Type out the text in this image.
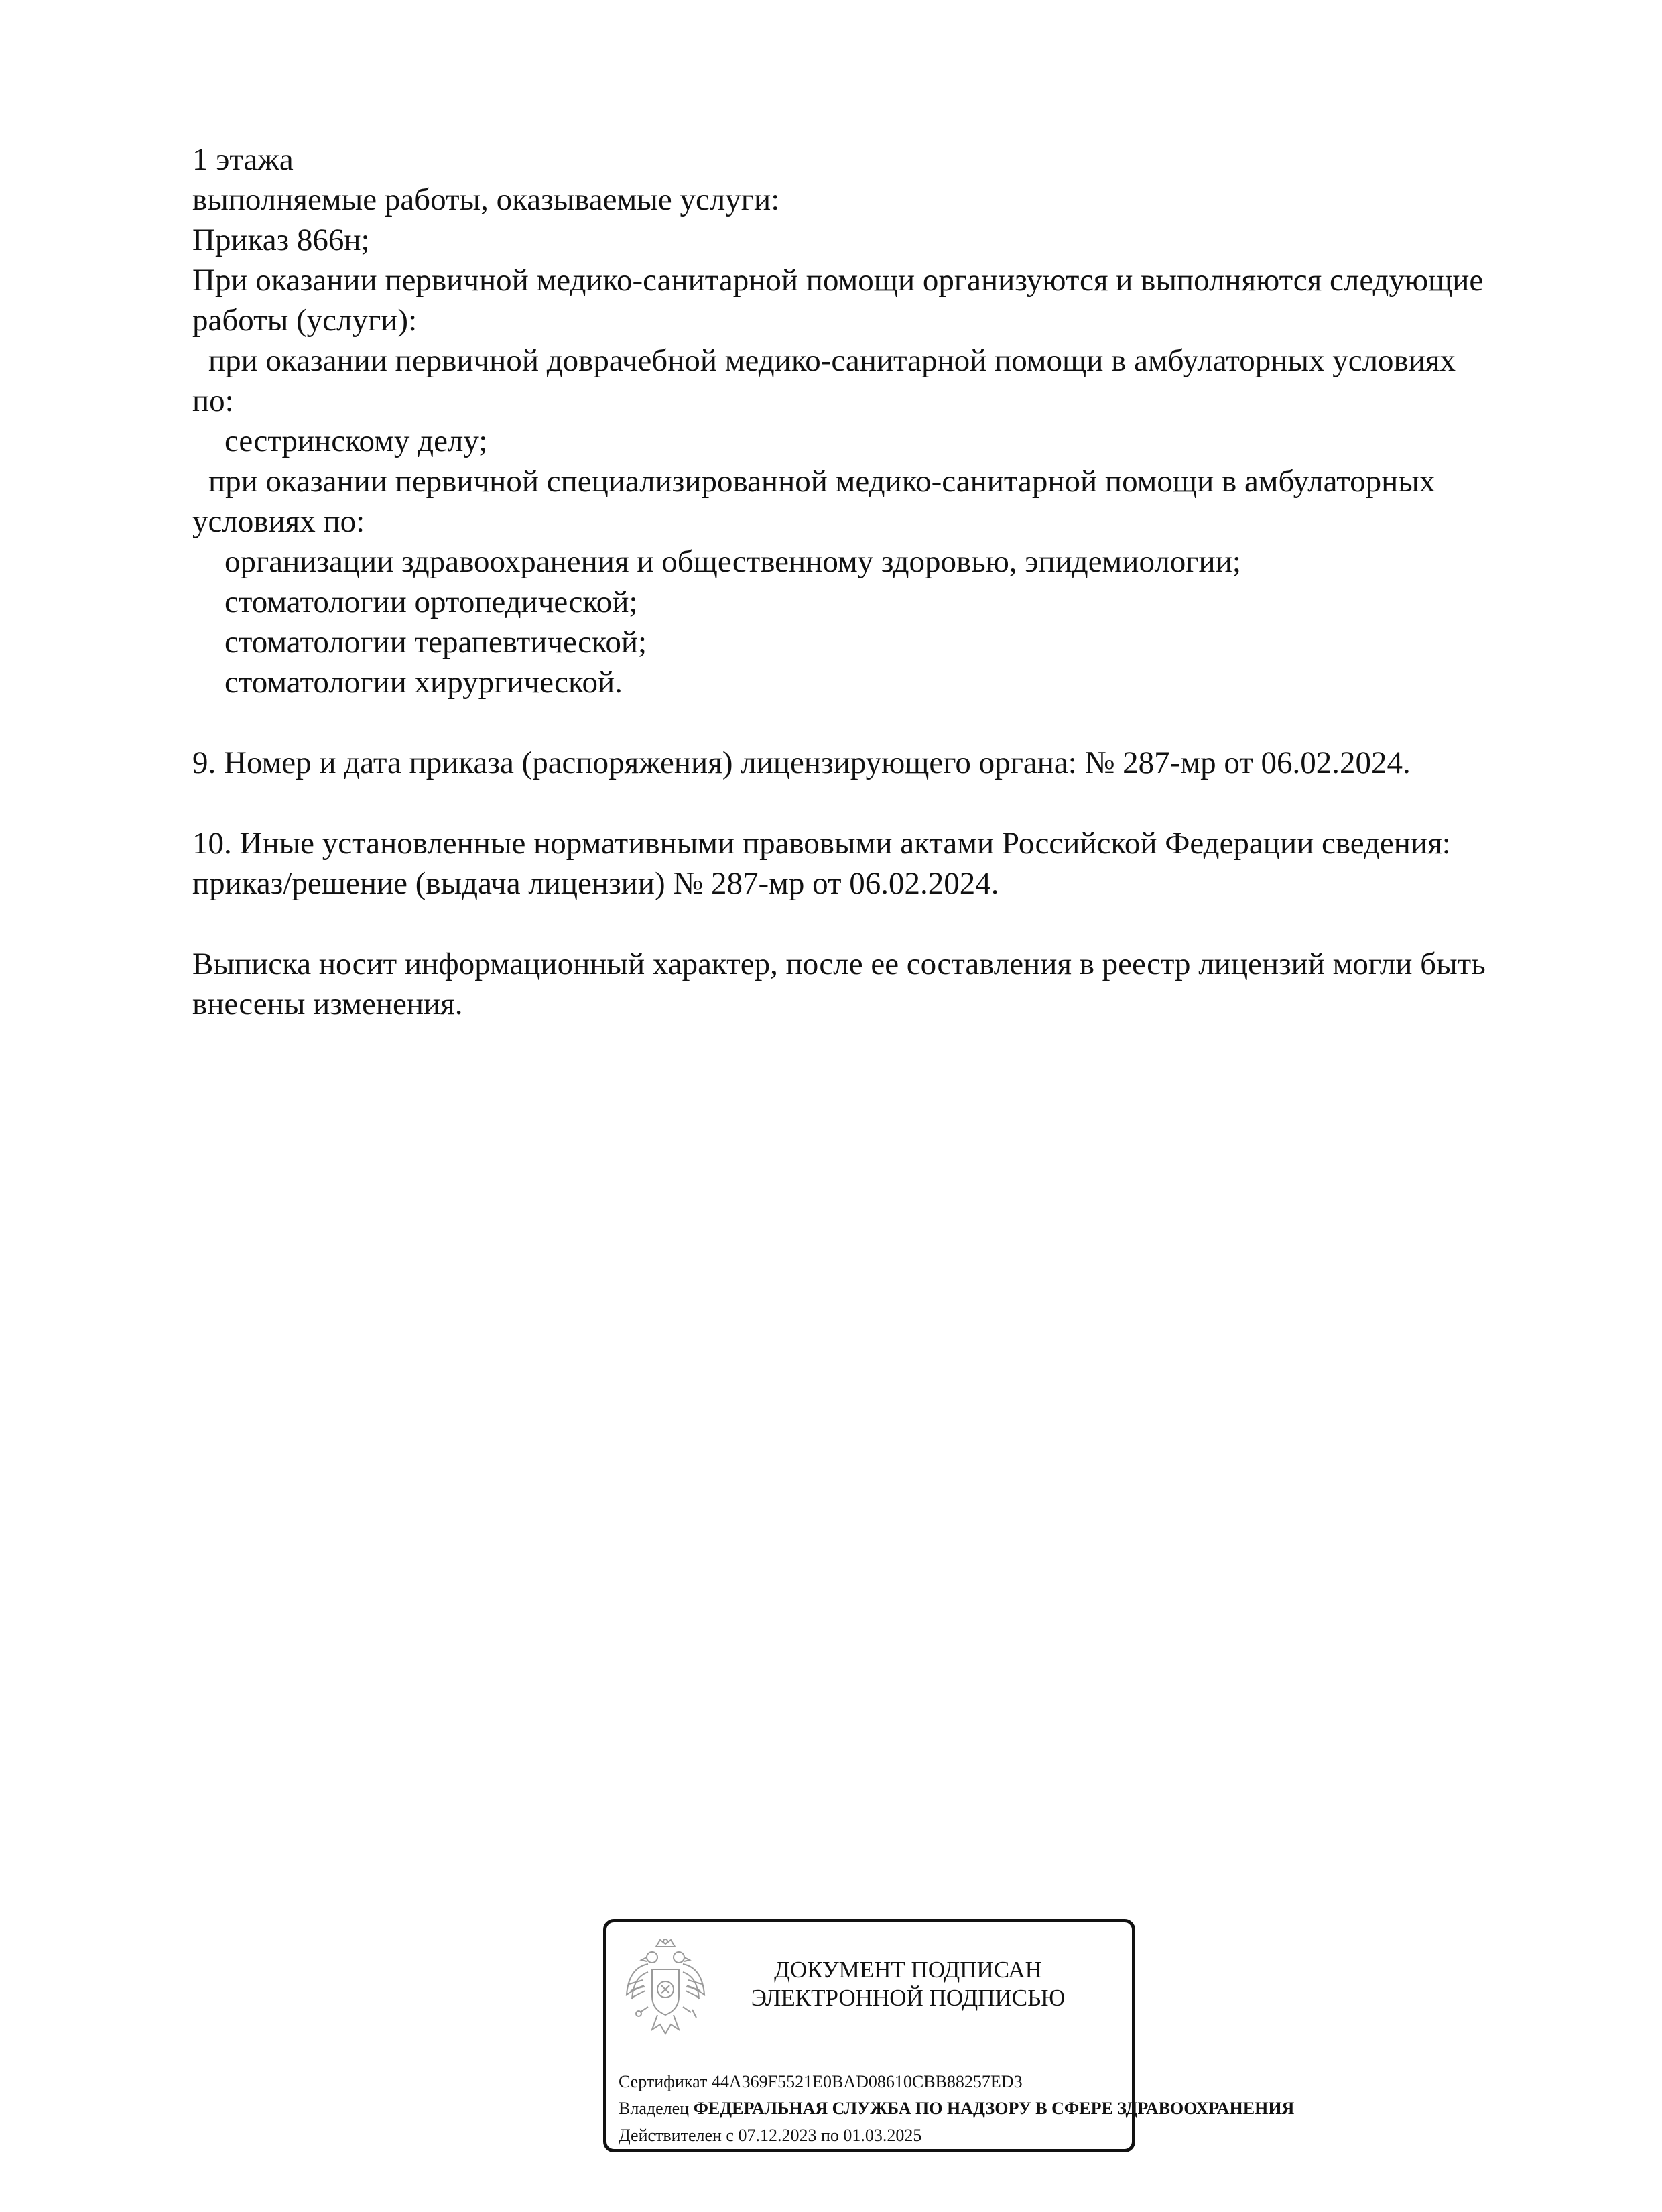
1 этажа
выполняемые работы, оказываемые услуги:
Приказ 866н;
При оказании первичной медико-санитарной помощи организуются и выполняются следующие
работы (услуги):
при оказании первичной доврачебной медико-санитарной помощи в амбулаторных условиях
по:
сестринскому делу;
при оказании первичной специализированной медико-санитарной помощи в амбулаторных
условиях по:
организации здравоохранения и общественному здоровью, эпидемиологии;
стоматологии ортопедической;
стоматологии терапевтической;
стоматологии хирургической.
9. Номер и дата приказа (распоряжения) лицензирующего органа: № 287-мр от 06.02.2024.
10. Иные установленные нормативными правовыми актами Российской Федерации сведения:
приказ/решение (выдача лицензии) № 287-мр от 06.02.2024.
Выписка носит информационный характер, после ее составления в реестр лицензий могли быть
внесены изменения.
ДОКУМЕНТ ПОДПИСАН
ЭЛЕКТРОННОЙ ПОДПИСЬЮ
Сертификат 44A369F5521E0BAD08610CBB88257ED3
Владелец ФЕДЕРАЛЬНАЯ СЛУЖБА ПО НАДЗОРУ В СФЕРЕ ЗДРАВООХРАНЕНИЯ
Действителен с 07.12.2023 по 01.03.2025
